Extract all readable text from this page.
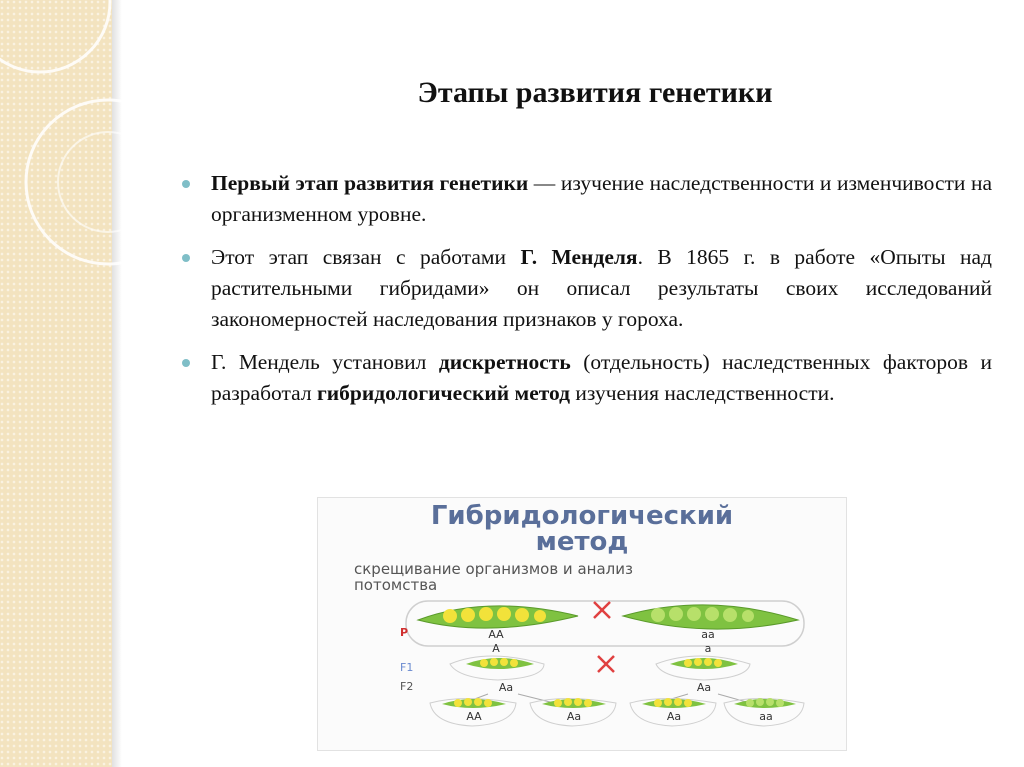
Этапы развития генетики
Первый этап развития генетики — изучение наследственности и изменчивости на организменном уровне.
Этот этап связан с работами Г. Менделя. В 1865 г. в работе «Опыты над растительными гибридами» он описал результаты своих исследований закономерностей наследования признаков у гороха.
Г. Мендель установил дискретность (отдельность) наследственных факторов и разработал гибридологический метод изучения наследственности.
Гибридологический
метод
скрещивание организмов и анализ
потомства
P
F1
F2
AA
A
aa
a
Aa	Aa
AA	Aa	Aa	aa
